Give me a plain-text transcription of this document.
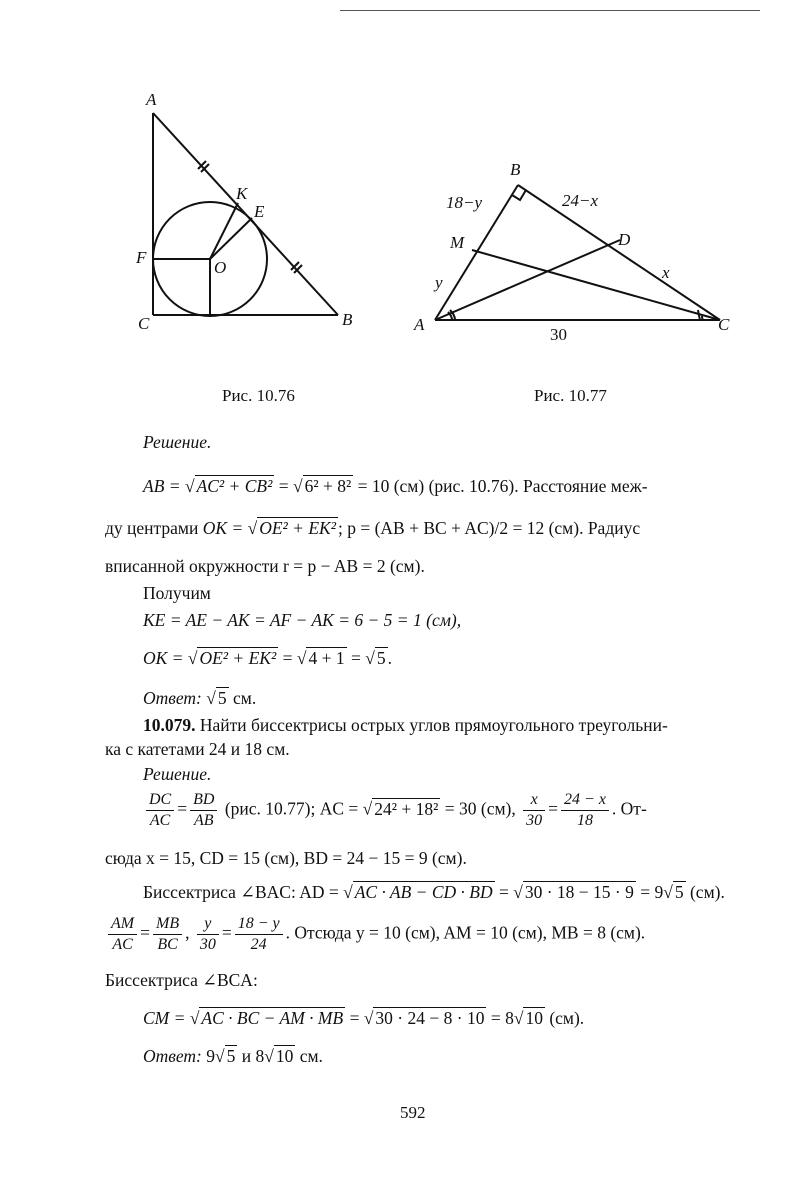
A
B
C
F
O
K
E
Рис. 10.76
B
A	C
M	D
18−y	24−x
y
x
30
Рис. 10.77
Решение.
AB = √ AC² + CB² = √ 6² + 8² = 10 (см) (рис. 10.76). Расстояние меж-
ду центрами OK = √ OE² + EK² ; p = (AB + BC + AC)/2 = 12 (см). Радиус
вписанной окружности r = p − AB = 2 (см).
Получим
KE = AE − AK = AF − AK = 6 − 5 = 1 (см),
OK = √ OE² + EK² = √ 4 + 1 = √ 5 .
Ответ: √ 5 см.
10.079. Найти биссектрисы острых углов прямоугольного треугольни-
ка с катетами 24 и 18 см.
Решение.
$\frac{DC}{AC} = \frac{BD}{AB} (рис$. 10.77); AC = √ 24² + 18² = 30 (см), $\frac{x}{30} = \frac{24 - x}{18}$ . От-
сюда x = 15, CD = 15 (см), BD = 24 − 15 = 9 (см).
Биссектриса ∠BAC: AD = √ AC · AB − CD · BD = √ 30 · 18 − 15 · 9 = 9√ 5 (см).
$\frac{AM}{AC} = \frac{MB}{BC}$ , $\frac{y}{30} = \frac{18 - y}{24}$ . Отсюда y = 10 (см), AM = 10 (см), MB = 8 (см).
Биссектриса ∠BCA:
CM = √ AC · BC − AM · MB = √ 30 · 24 − 8 · 10 = 8√ 10 (см).
Ответ: 9√ 5 и 8√ 10 см.
592
